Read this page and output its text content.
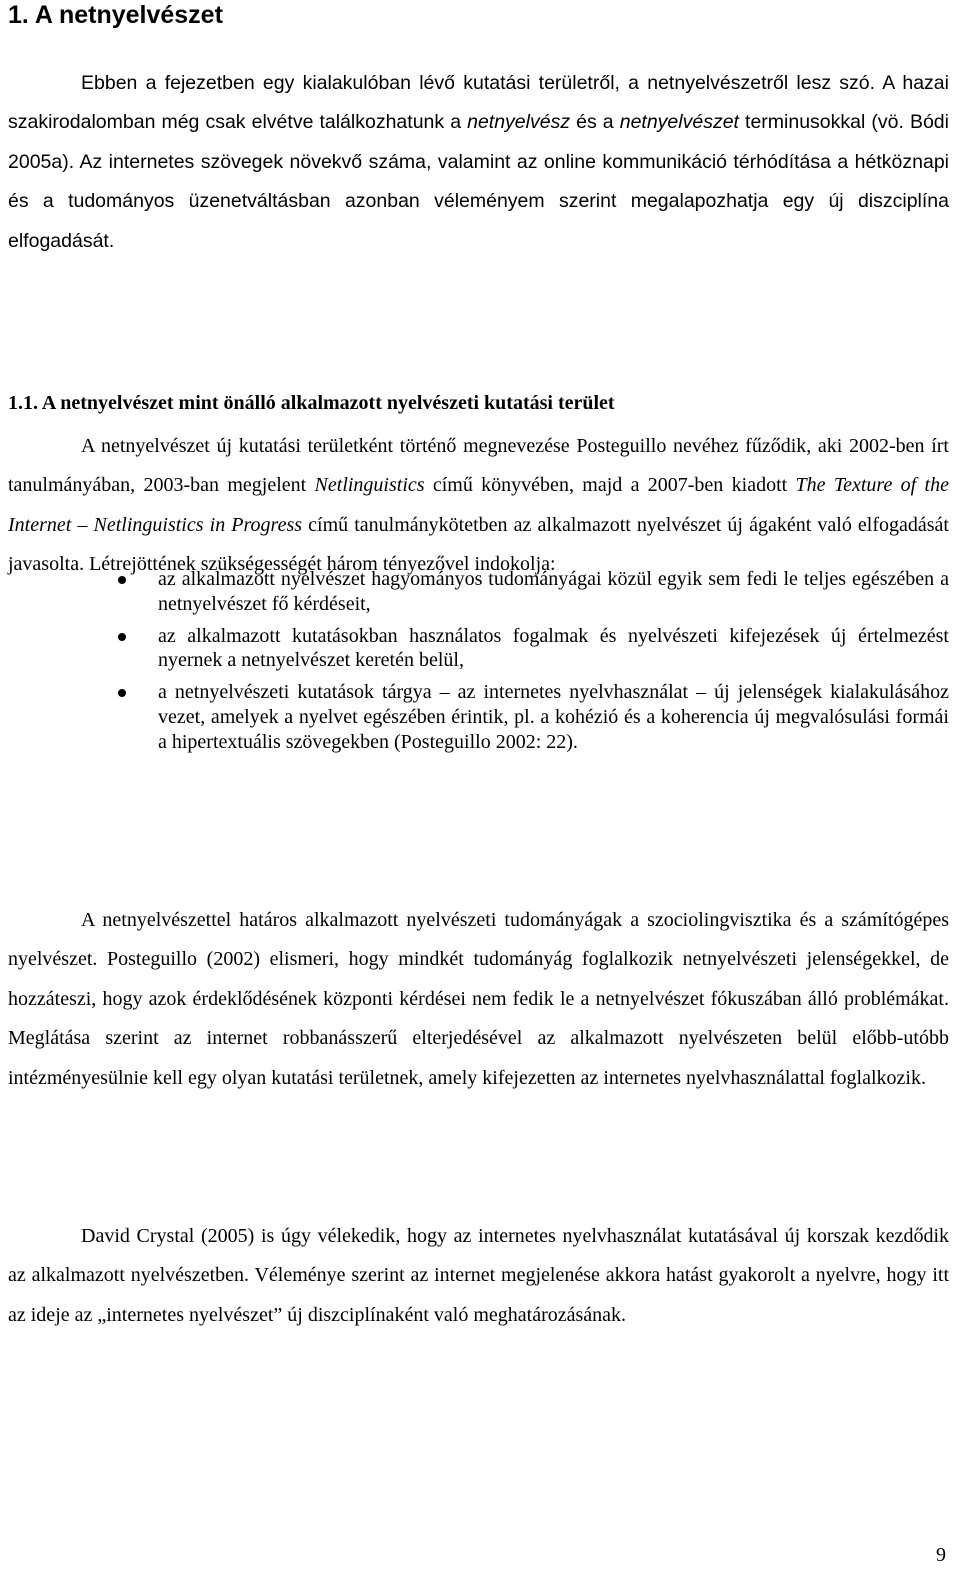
1. A netnyelvészet

Ebben a fejezetben egy kialakulóban lévő kutatási területről, a netnyelvészetről lesz szó. A hazai szakirodalomban még csak elvétve találkozhatunk a netnyelvész és a netnyelvészet terminusokkal (vö. Bódi 2005a). Az internetes szövegek növekvő száma, valamint az online kommunikáció térhódítása a hétköznapi és a tudományos üzenetváltásban azonban véleményem szerint megalapozhatja egy új diszciplína elfogadását.

1.1. A netnyelvészet mint önálló alkalmazott nyelvészeti kutatási terület

A netnyelvészet új kutatási területként történő megnevezése Posteguillo nevéhez fűződik, aki 2002-ben írt tanulmányában, 2003-ban megjelent Netlinguistics című könyvében, majd a 2007-ben kiadott The Texture of the Internet – Netlinguistics in Progress című tanulmánykötetben az alkalmazott nyelvészet új ágaként való elfogadását javasolta. Létrejöttének szükségességét három tényezővel indokolja:

az alkalmazott nyelvészet hagyományos tudományágai közül egyik sem fedi le teljes egészében a netnyelvészet fő kérdéseit,
az alkalmazott kutatásokban használatos fogalmak és nyelvészeti kifejezések új értelmezést nyernek a netnyelvészet keretén belül,
a netnyelvészeti kutatások tárgya – az internetes nyelvhasználat – új jelenségek kialakulásához vezet, amelyek a nyelvet egészében érintik, pl. a kohézió és a koherencia új megvalósulási formái a hipertextuális szövegekben (Posteguillo 2002: 22).

A netnyelvészettel határos alkalmazott nyelvészeti tudományágak a szociolingvisztika és a számítógépes nyelvészet. Posteguillo (2002) elismeri, hogy mindkét tudományág foglalkozik netnyelvészeti jelenségekkel, de hozzáteszi, hogy azok érdeklődésének központi kérdései nem fedik le a netnyelvészet fókuszában álló problémákat. Meglátása szerint az internet robbanásszerű elterjedésével az alkalmazott nyelvészeten belül előbb-utóbb intézményesülnie kell egy olyan kutatási területnek, amely kifejezetten az internetes nyelvhasználattal foglalkozik.

David Crystal (2005) is úgy vélekedik, hogy az internetes nyelvhasználat kutatásával új korszak kezdődik az alkalmazott nyelvészetben. Véleménye szerint az internet megjelenése akkora hatást gyakorolt a nyelvre, hogy itt az ideje az „internetes nyelvészet” új diszciplínaként való meghatározásának.

9
